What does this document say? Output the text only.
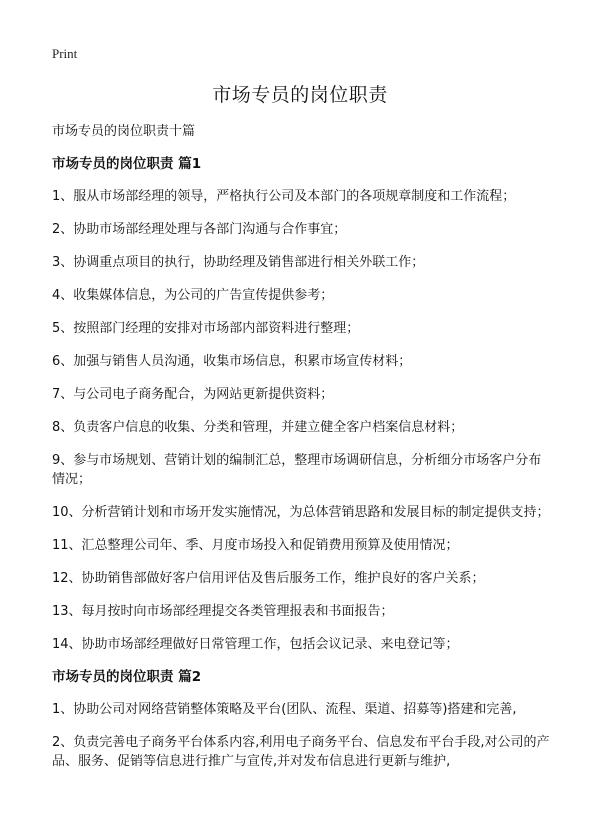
Print
市场专员的岗位职责

市场专员的岗位职责十篇

市场专员的岗位职责 篇1

1、服从市场部经理的领导，严格执行公司及本部门的各项规章制度和工作流程；

2、协助市场部经理处理与各部门沟通与合作事宜；

3、协调重点项目的执行，协助经理及销售部进行相关外联工作；

4、收集媒体信息，为公司的广告宣传提供参考；

5、按照部门经理的安排对市场部内部资料进行整理；

6、加强与销售人员沟通，收集市场信息，积累市场宣传材料；

7、与公司电子商务配合，为网站更新提供资料；

8、负责客户信息的收集、分类和管理，并建立健全客户档案信息材料；

9、参与市场规划、营销计划的编制汇总，整理市场调研信息，分析细分市场客户分布情况；

10、分析营销计划和市场开发实施情况，为总体营销思路和发展目标的制定提供支持；

11、汇总整理公司年、季、月度市场投入和促销费用预算及使用情况；

12、协助销售部做好客户信用评估及售后服务工作，维护良好的客户关系；

13、每月按时向市场部经理提交各类管理报表和书面报告；

14、协助市场部经理做好日常管理工作，包括会议记录、来电登记等；

市场专员的岗位职责 篇2

1、协助公司对网络营销整体策略及平台(团队、流程、渠道、招募等)搭建和完善,

2、负责完善电子商务平台体系内容,利用电子商务平台、信息发布平台手段,对公司的产品、服务、促销等信息进行推广与宣传,并对发布信息进行更新与维护,
